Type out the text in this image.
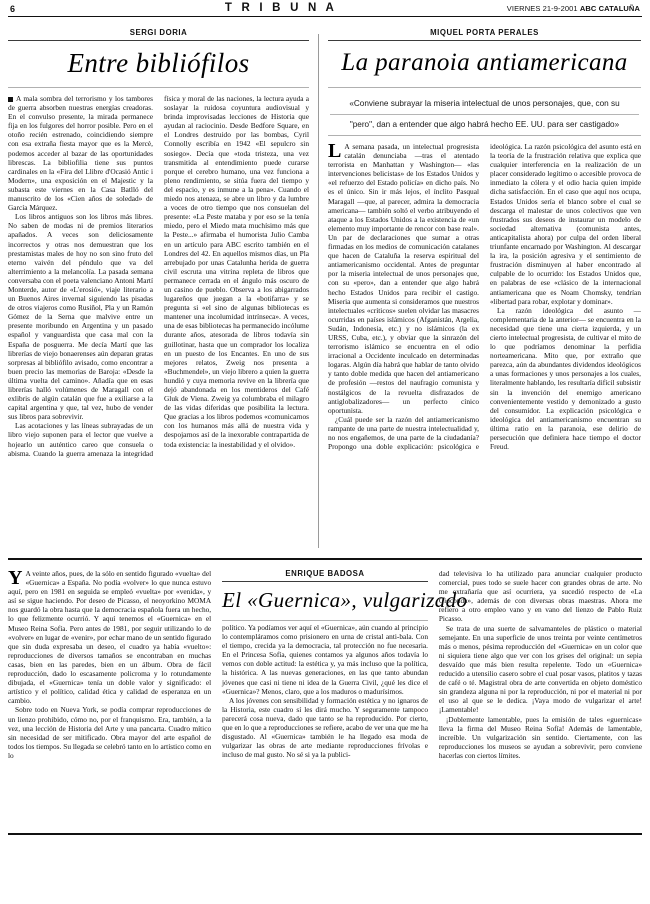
6	T R I B U N A	VIERNES 21-9-2001 ABC CATALUÑA
SERGI DORIA
Entre bibliófilos

A mala sombra del terrorismo y los tambores de guerra absorben nuestras energías creadoras. En el convulso presente, la mirada permanece fija en los fulgores del horror posible. Pero en el otoño recién estrenado, coincidiendo siempre con esa extraña fiesta mayor que es la Mercè, podemos acceder al bazar de las oportunidades librescas. La bibliofilia tiene sus puntos cardinales en la «Fira del Llibre d'Ocasió Antic i Modern», una exposición en el Majestic y la subasta este viernes en la Casa Batlló del manuscrito de los «Cien años de soledad» de García Márquez.

Los libros antiguos son los libros más libres. No saben de modas ni de premios literarios apañados. A veces son deliciosamente incorrectos y otras nos demuestran que los prestamistas males de hoy no son sino fruto del eterno vaivén del péndulo que va del alterrimiento a la melancolía. La pasada semana conversaba con el poeta valenciano Antoni Martí Monterde, autor de «L'erosió», viaje literario a un Buenos Aires invernal siguiendo las pisadas de otros viajeros como Rusiñol, Pla y un Ramón Gómez de la Serna que malvive entre un presente moribundo en Argentina y un pasado español y vanguardista que casa mal con la España de posguerra. Me decía Martí que las librerías de viejo bonaerenses aún deparan gratas sorpresas al bibliófilo avisado, como encontrar a buen precio las memorias de Baroja: «Desde la última vuelta del camino». Añadía que en esas librerías halló volúmenes de Maragall con el exlibris de algún catalán que fue a exiliarse a la capital argentina y que, tal vez, hubo de vender sus libros para sobrevivir.

Las acotaciones y las líneas subrayadas de un libro viejo suponen para el lector que vuelve a hojearlo un auténtico careo que consuela o abisma. Cuando la guerra amenaza la integridad física y moral de las naciones, la lectura ayuda a soslayar la ruidosa coyuntura audiovisual y brinda improvisadas lecciones de Historia que ayudan al raciocinio. Desde Bedfore Square, en el Londres destruido por las bombas, Cyril Connolly escribía en 1942 «El sepulcro sin sosiego». Decía que «toda tristeza, una vez transmitida al entendimiento puede curarse porque el cerebro humano, una vez funciona a pleno rendimiento, se sitúa fuera del tiempo y del espacio, y es inmune a la pena». Cuando el miedo nos atenaza, se abre un libro y da lumbre a voces de otro tiempo que nos consuelan del presente: «La Peste mataba y por eso se la tenía miedo, pero el Miedo mata muchísimo más que la Peste...» afirmaba el humorista Julio Camba en un artículo para ABC escrito también en el Londres del 42. En aquellos mismos días, un Pla arrebujado por unas Catalunha herida de guerra civil escruta una vitrina repleta de libros que permanece cerrada en el ángulo más oscuro de un casino de pueblo. Observa a los abigarrados lugareños que juegan a la «botifarra» y se pregunta si «el sino de algunas bibliotecas es mantener una incolumidad intrínseca». A veces, una de esas bibliotecas ha permanecido incólume durante años, atesorada de libros todavía sin guillotinar, hasta que un comprador los localiza en un puesto de los Encantes. En uno de sus mejores relatos, Zweig nos presenta a «Buchmendel», un viejo librero a quien la guerra hundió y cuya memoria revive en la librería que dejó abandonada en los mentideros del Café Gluk de Viena. Zweig ya columbraba el milagro de las vidas diferidas que posibilita la lectura. Que gracias a los libros podemos «comunicarnos con los humanos más allá de nuestra vida y despojarnos así de la inexorable contrapartida de toda existencia: la inestabilidad y el olvido».

MIQUEL PORTA PERALES
La paranoia antiamericana
«Conviene subrayar la miseria intelectual de unos personajes, que, con su
"pero", dan a entender que algo habrá hecho EE. UU. para ser castigado»

L A semana pasada, un intelectual progresista catalán denunciaba —tras el atentado terrorista en Manhattan y Washington— «las intervenciones belicistas» de los Estados Unidos y «el refuerzo del Estado policía» en dicho país. No es el único. Sin ir más lejos, el ínclito Pasqual Maragall —que, al parecer, admira la democracia americana— también soltó el verbo atribuyendo el ataque a los Estados Unidos a la existencia de «un elemento muy importante de rencor con base real». Un par de declaraciones que sumar a otras firmadas en los medios de comunicación catalanes que hacen de Cataluña la reserva espiritual del antiamericanismo occidental. Antes de preguntar por la miseria intelectual de unos personajes que, con su «pero», dan a entender que algo habrá hecho Estados Unidos para recibir el castigo. Miseria que aumenta si consideramos que nuestros intelectuales «críticos» suelen olvidar las masacres ocurridas en países islámicos (Afganistán, Argelia, Sudán, Indonesia, etc.) y no islámicos (la ex URSS, Cuba, etc.), y obviar que la sinrazón del terrorismo islámico se encuentra en el odio irracional a Occidente inculcado en determinadas logaras. Algún día habrá que hablar de tanto olvido y tanto doble medida que hacen del antiamericano de profesión —restos del naufragio comunista y nostálgicos de la revuelta disfrazados de antiglobalizadores— un perfecto cínico oportunista.

¿Cuál puede ser la razón del antiamericanismo rampante de una parte de nuestra intelectualidad y, no nos engañemos, de una parte de la ciudadanía? Propongo una doble explicación: psicológica e ideológica. La razón psicológica del asunto está en la teoría de la frustración relativa que explica que cualquier interferencia en la realización de un placer considerado legítimo o accesible provoca de inmediato la cólera y el odio hacia quien impide dicha satisfacción. En el caso que aquí nos ocupa, Estados Unidos sería el blanco sobre el cual se descarga el malestar de unos colectivos que ven frustrados sus deseos de instaurar un modelo de sociedad alternativa (comunista antes, anticapitalista ahora) por culpa del orden liberal triunfante encarnado por Washington. Al descargar la ira, la posición agresiva y el sentimiento de frustración disminuyen al haber encontrado al culpable de lo ocurrido: los Estados Unidos que, en palabras de ese «clásico de la internacional antiamericana que es Noam Chomsky, tendrían «libertad para robar, explotar y dominar».

La razón ideológica del asunto —complementaria de la anterior— se encuentra en la necesidad que tiene una cierta izquierda, y un cierto intelectual progresista, de cultivar el mito de lo que podríamos denominar la perfidia norteamericana. Mito que, por extraño que parezca, aún da abundantes dividendos ideológicos a unas formaciones y unos personajes a los cuales, literalmente hablando, les resultaría difícil subsistir sin la invención del enemigo americano convenientemente vestido y demonizado a gusto del consumidor. La explicación psicológica e ideológica del antiamericanismo encuentran su última ratio en la paranoia, ese delirio de persecución que definiera hace tiempo el doctor Freud.

Y A veinte años, pues, de la sólo en sentido figurado «vuelta» del «Guernica» a España. No podía «volver» lo que nunca estuvo aquí, pero en 1981 en seguida se empleó «vuelta» por «venida», y así se sigue haciendo. Por deseo de Picasso, el neoyorkino MOMA nos guardó la obra hasta que la democracia española fuera un hecho, lo que felizmente ocurrió. Y aquí tenemos el «Guernica» en el Museo Reina Sofía. Pero antes de 1981, por seguir utilizando lo de «volver» en lugar de «venir», por echar mano de un sentido figurado que sin duda expresaba un deseo, el cuadro ya había «vuelto»: reproducciones de diversos tamaños se encontraban en muchas casas, bien en las paredes, bien en un álbum. Obra de fácil reproducción, dado lo escasamente policroma y lo rotundamente dibujada, el «Guernica» tenía un doble valor y significado: el artístico y el político, calidad ética y calidad de esperanza en un cambio.

Sobre todo en Nueva York, se podía comprar reproducciones de un lienzo prohibido, cómo no, por el franquismo. Era, también, a la vez, una lección de Historia del Arte y una pancarta. Cuadro mítico sin necesidad de ser mitificado. Obra mayor del arte español de todos los tiempos. Su llegada se celebró tanto en lo artístico como en lo

ENRIQUE BADOSA
El «Guernica», vulgarizado

político. Ya podíamos ver aquí el «Guernica», aún cuando al principio lo contempláramos como prisionero en urna de cristal anti-bala. Con el tiempo, crecida ya la democracia, tal protección no fue necesaria. En el Princesa Sofía, quienes contamos ya algunos años todavía lo vemos con doble actitud: la estética y, ya más incluso que la política, la histórica. A las nuevas generaciones, en las que tanto abundan jóvenes que casi ni tiene ni idea de la Guerra Civil, ¿qué les dice el «Guernica»? Menos, claro, que a los maduros o madurísimos.

A los jóvenes con sensibilidad y formación estética y no ignaros de la Historia, este cuadro sí les dirá mucho. Y seguramente tampoco parecerá cosa nueva, dado que tanto se ha reproducido. Por cierto, que en lo que a reproducciones se refiere, acabo de ver una que me ha disgustado. Al «Guernica» también le ha llegado esa moda de vulgarizar las obras de arte mediante reproducciones frívolas e incluso de mal gusto. No sé si ya la publici-

dad televisiva lo ha utilizado para anunciar cualquier producto comercial, pues todo se suele hacer con grandes obras de arte. No me extrañaría que así ocurriera, ya sucedió respecto de «La Gioconda», además de con diversas obras maestras. Ahora me refiero a otro empleo vano y en vano del lienzo de Pablo Ruiz Picasso.

Se trata de una suerte de salvamanteles de plástico o material semejante. En una superficie de unos treinta por veinte centímetros más o menos, pésima reproducción del «Guernica» en un color que ni siquiera tiene algo que ver con los grises del original: un sepia desvaído que más bien resulta repelente. Todo un «Guernica» reducido a utensilio casero sobre el cual posar vasos, platitos y tazas de café o té. Magistral obra de arte convertida en objeto doméstico sin grandeza alguna ni por la reproducción, ni por el material ni por el uso al que se le dedica. ¡Vaya modo de vulgarizar el arte! ¡Lamentable!

¡Doblemente lamentable, pues la emisión de tales «guernicas» lleva la firma del Museo Reina Sofía! Además de lamentable, increíble. Un vulgarización sin sentido. Ciertamente, con las reproducciones los museos se ayudan a sobrevivir, pero conviene hacerlas con ciertos límites.
